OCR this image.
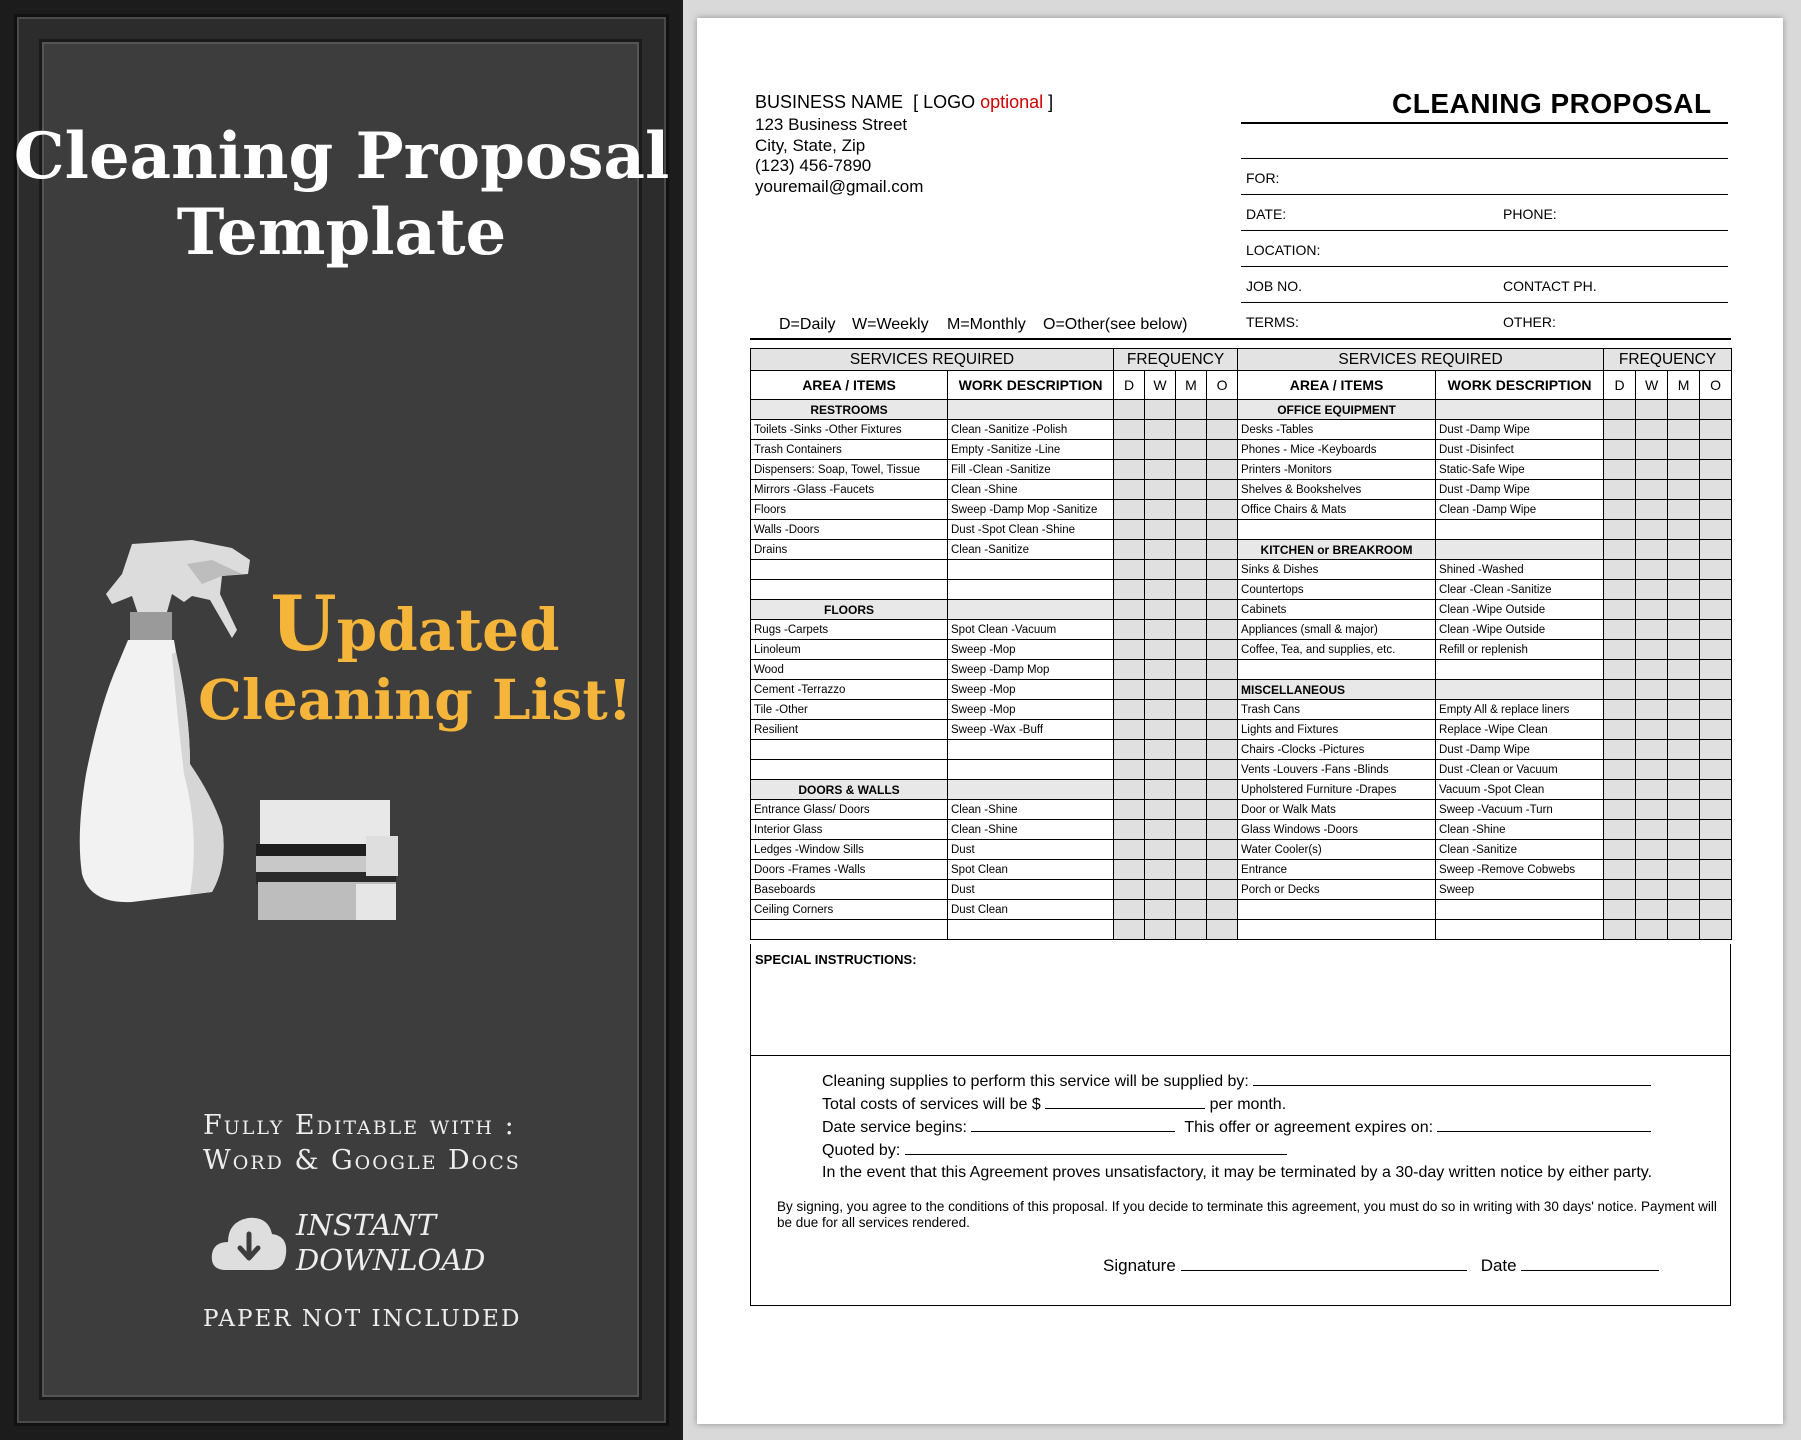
Cleaning Proposal
Template
Updated
Cleaning List!
Fully Editable with :
Word & Google Docs
INSTANT
DOWNLOAD
PAPER NOT INCLUDED
BUSINESS NAME [ LOGO optional ]
123 Business Street
City, State, Zip
(123) 456-7890
youremail@gmail.com
CLEANING PROPOSAL
FOR:
DATE:	PHONE:
LOCATION:
JOB NO.	CONTACT PH.
TERMS:	OTHER:
D=Daily W=Weekly M=Monthly O=Other(see below)
SERVICES REQUIRED		FREQUENCY				SERVICES REQUIRED		FREQUENCY			
AREA / ITEMS	WORK DESCRIPTION	D	W	M	O	AREA / ITEMS	WORK DESCRIPTION	D	W	M	O
RESTROOMS						OFFICE EQUIPMENT					
Toilets -Sinks -Other Fixtures	Clean -Sanitize -Polish					Desks -Tables	Dust -Damp Wipe				
Trash Containers	Empty -Sanitize -Line					Phones - Mice -Keyboards	Dust -Disinfect				
Dispensers: Soap, Towel, Tissue	Fill -Clean -Sanitize					Printers -Monitors	Static-Safe Wipe				
Mirrors -Glass -Faucets	Clean -Shine					Shelves & Bookshelves	Dust -Damp Wipe				
Floors	Sweep -Damp Mop -Sanitize					Office Chairs & Mats	Clean -Damp Wipe				
Walls -Doors	Dust -Spot Clean -Shine										
Drains	Clean -Sanitize					KITCHEN or BREAKROOM					
						Sinks & Dishes	Shined -Washed				
						Countertops	Clear -Clean -Sanitize				
FLOORS						Cabinets	Clean -Wipe Outside				
Rugs -Carpets	Spot Clean -Vacuum					Appliances (small & major)	Clean -Wipe Outside				
Linoleum	Sweep -Mop					Coffee, Tea, and supplies, etc.	Refill or replenish				
Wood	Sweep -Damp Mop										
Cement -Terrazzo	Sweep -Mop					MISCELLANEOUS					
Tile -Other	Sweep -Mop					Trash Cans	Empty All & replace liners				
Resilient	Sweep -Wax -Buff					Lights and Fixtures	Replace -Wipe Clean				
						Chairs -Clocks -Pictures	Dust -Damp Wipe				
						Vents -Louvers -Fans -Blinds	Dust -Clean or Vacuum				
DOORS & WALLS						Upholstered Furniture -Drapes	Vacuum -Spot Clean				
Entrance Glass/ Doors	Clean -Shine					Door or Walk Mats	Sweep -Vacuum -Turn				
Interior Glass	Clean -Shine					Glass Windows -Doors	Clean -Shine				
Ledges -Window Sills	Dust					Water Cooler(s)	Clean -Sanitize				
Doors -Frames -Walls	Spot Clean					Entrance	Sweep -Remove Cobwebs				
Baseboards	Dust					Porch or Decks	Sweep				
Ceiling Corners	Dust Clean										

SPECIAL INSTRUCTIONS:
Cleaning supplies to perform this service will be supplied by:
Total costs of services will be $	per month.
Date service begins:	This offer or agreement expires on:
Quoted by:
In the event that this Agreement proves unsatisfactory, it may be terminated by a 30-day written notice by either party.
By signing, you agree to the conditions of this proposal. If you decide to terminate this agreement, you must do so in writing with 30 days' notice. Payment will be due for all services rendered.
Signature	Date
